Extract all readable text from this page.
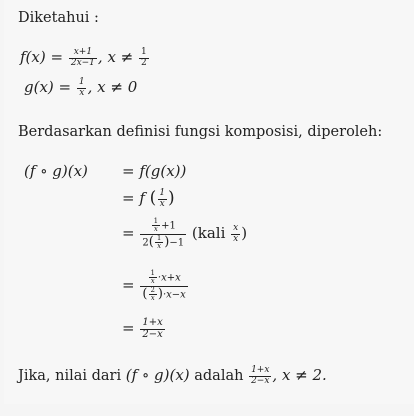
Diketahui :
$f(x) = \frac{x+1}{2x-1}$ , $x \ne \frac{1}{2}$
$g(x) = \frac{1}{x}$ , x ≠ 0
Berdasarkan definisi fungsi komposisi, diperoleh:
(f ∘ g)(x) = f(g(x))
= f ( $\frac{1}{x}$ )
= $\frac{\frac{1}{x} +1}{2( \frac{1}{x} )-1}$ (kali $\frac{x}{x}$ )
= $\frac{\frac{1}{x} \cdot x+x}{( \frac{2}{x} )\cdot x-x}$
= $\frac{1+x}{2-x}$
Jika, nilai dari (f ∘ g)(x) adalah $\frac{1+x}{2-x}$ , x ≠ 2.
